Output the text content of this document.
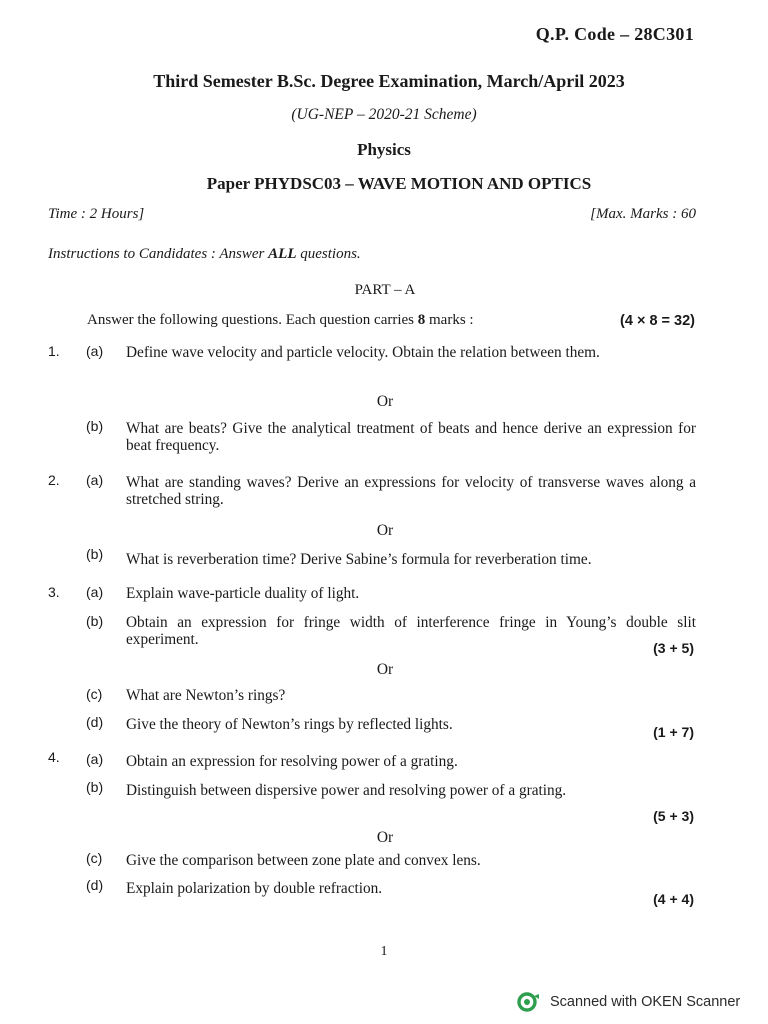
Q.P. Code – 28C301
Third Semester B.Sc. Degree Examination, March/April 2023
(UG-NEP – 2020-21 Scheme)
Physics
Paper PHYDSC03 – WAVE MOTION AND OPTICS
Time : 2 Hours]	[Max. Marks : 60
Instructions to Candidates : Answer ALL questions.
PART – A
Answer the following questions. Each question carries 8 marks :	(4 × 8 = 32)
1. (a) Define wave velocity and particle velocity. Obtain the relation between them.
Or
(b) What are beats? Give the analytical treatment of beats and hence derive an expression for beat frequency.
2. (a) What are standing waves? Derive an expressions for velocity of transverse waves along a stretched string.
Or
(b) What is reverberation time? Derive Sabine’s formula for reverberation time.
3. (a) Explain wave-particle duality of light.
(b) Obtain an expression for fringe width of interference fringe in Young’s double slit experiment.	(3 + 5)
Or
(c) What are Newton’s rings?
(d) Give the theory of Newton’s rings by reflected lights.	(1 + 7)
4. (a) Obtain an expression for resolving power of a grating.
(b) Distinguish between dispersive power and resolving power of a grating.
(5 + 3)
Or
(c) Give the comparison between zone plate and convex lens.
(d) Explain polarization by double refraction.
(4 + 4)
1
Scanned with OKEN Scanner
